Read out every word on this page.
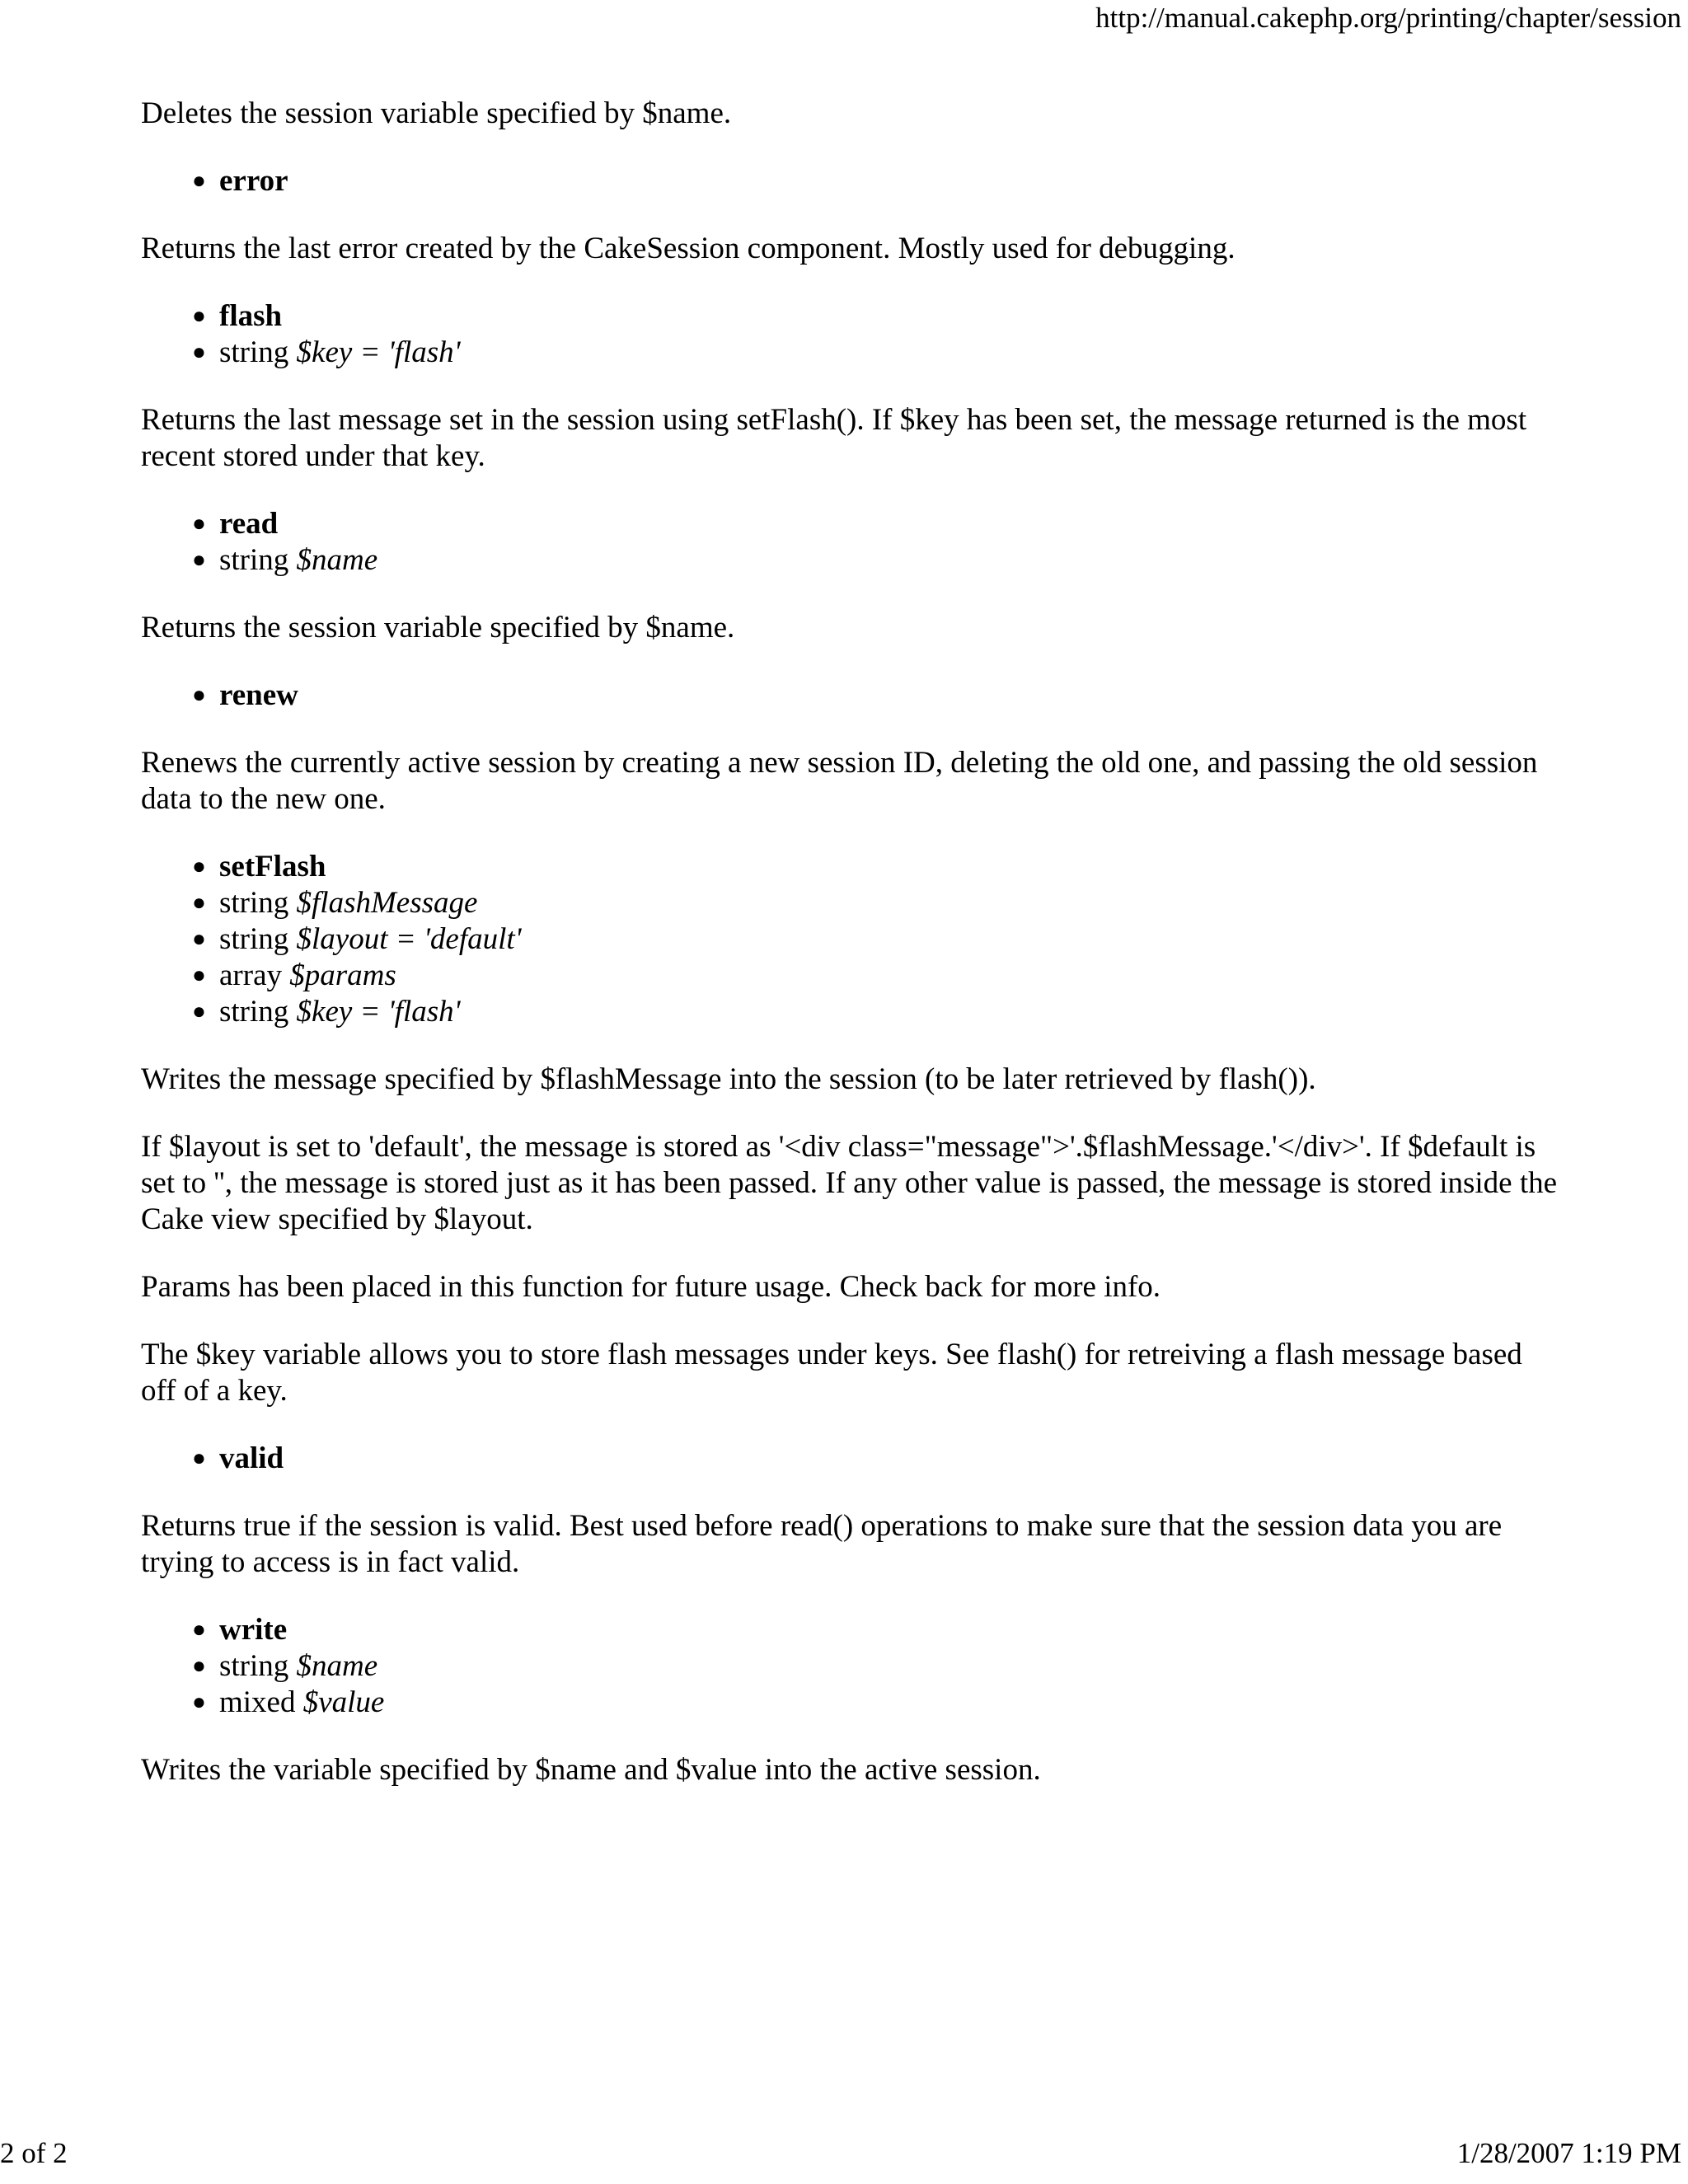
http://manual.cakephp.org/printing/chapter/session

Deletes the session variable specified by $name.

● error

Returns the last error created by the CakeSession component. Mostly used for debugging.

● flash
● string $key = 'flash'

Returns the last message set in the session using setFlash(). If $key has been set, the message returned is the most recent stored under that key.

● read
● string $name

Returns the session variable specified by $name.

● renew

Renews the currently active session by creating a new session ID, deleting the old one, and passing the old session data to the new one.

● setFlash
● string $flashMessage
● string $layout = 'default'
● array $params
● string $key = 'flash'

Writes the message specified by $flashMessage into the session (to be later retrieved by flash()).

If $layout is set to 'default', the message is stored as '<div class="message">'.$flashMessage.'</div>'. If $default is set to '', the message is stored just as it has been passed. If any other value is passed, the message is stored inside the Cake view specified by $layout.

Params has been placed in this function for future usage. Check back for more info.

The $key variable allows you to store flash messages under keys. See flash() for retreiving a flash message based off of a key.

● valid

Returns true if the session is valid. Best used before read() operations to make sure that the session data you are trying to access is in fact valid.

● write
● string $name
● mixed $value

Writes the variable specified by $name and $value into the active session.

2 of 2	1/28/2007 1:19 PM
